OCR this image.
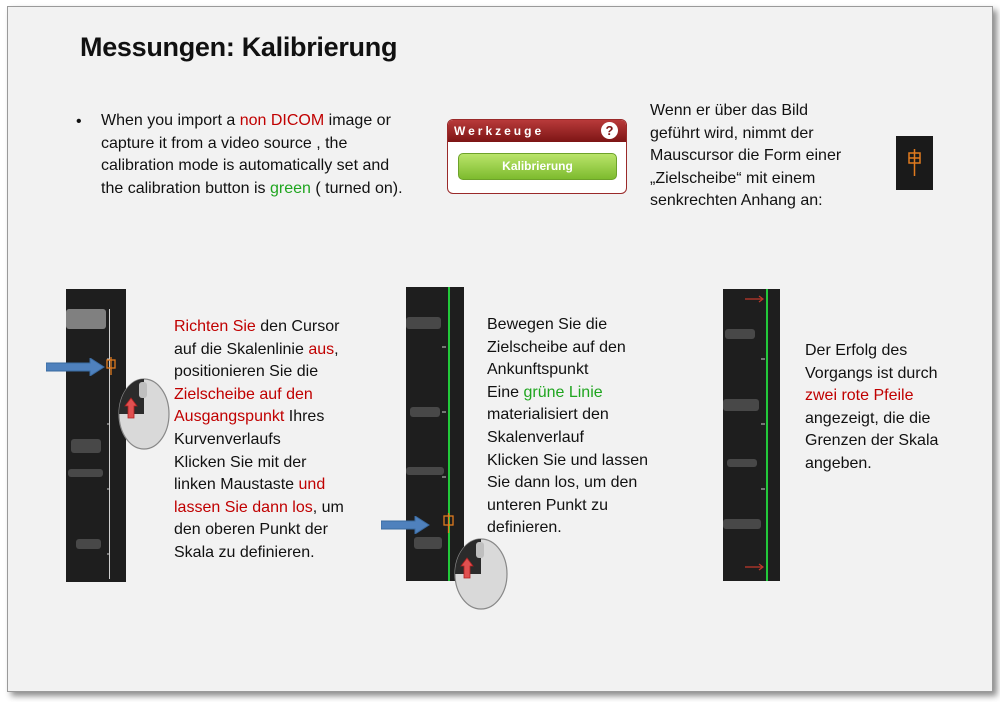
Messungen: Kalibrierung
• When you import a non DICOM image or
capture it from a video source , the
calibration mode is automatically set and
the calibration button is green ( turned on).
Werkzeuge	?
Kalibrierung
Wenn er über das Bild
geführt wird, nimmt der
Mauscursor die Form einer
„Zielscheibe“ mit einem
senkrechten Anhang an:
Richten Sie den Cursor
auf die Skalenlinie aus,
positionieren Sie die
Zielscheibe auf den
Ausgangspunkt Ihres
Kurvenverlaufs
Klicken Sie mit der
linken Maustaste und
lassen Sie dann los, um
den oberen Punkt der
Skala zu definieren.
Bewegen Sie die
Zielscheibe auf den
Ankunftspunkt
Eine grüne Linie
materialisiert den
Skalenverlauf
Klicken Sie und lassen
Sie dann los, um den
unteren Punkt zu
definieren.
Der Erfolg des
Vorgangs ist durch
zwei rote Pfeile
angezeigt, die die
Grenzen der Skala
angeben.
